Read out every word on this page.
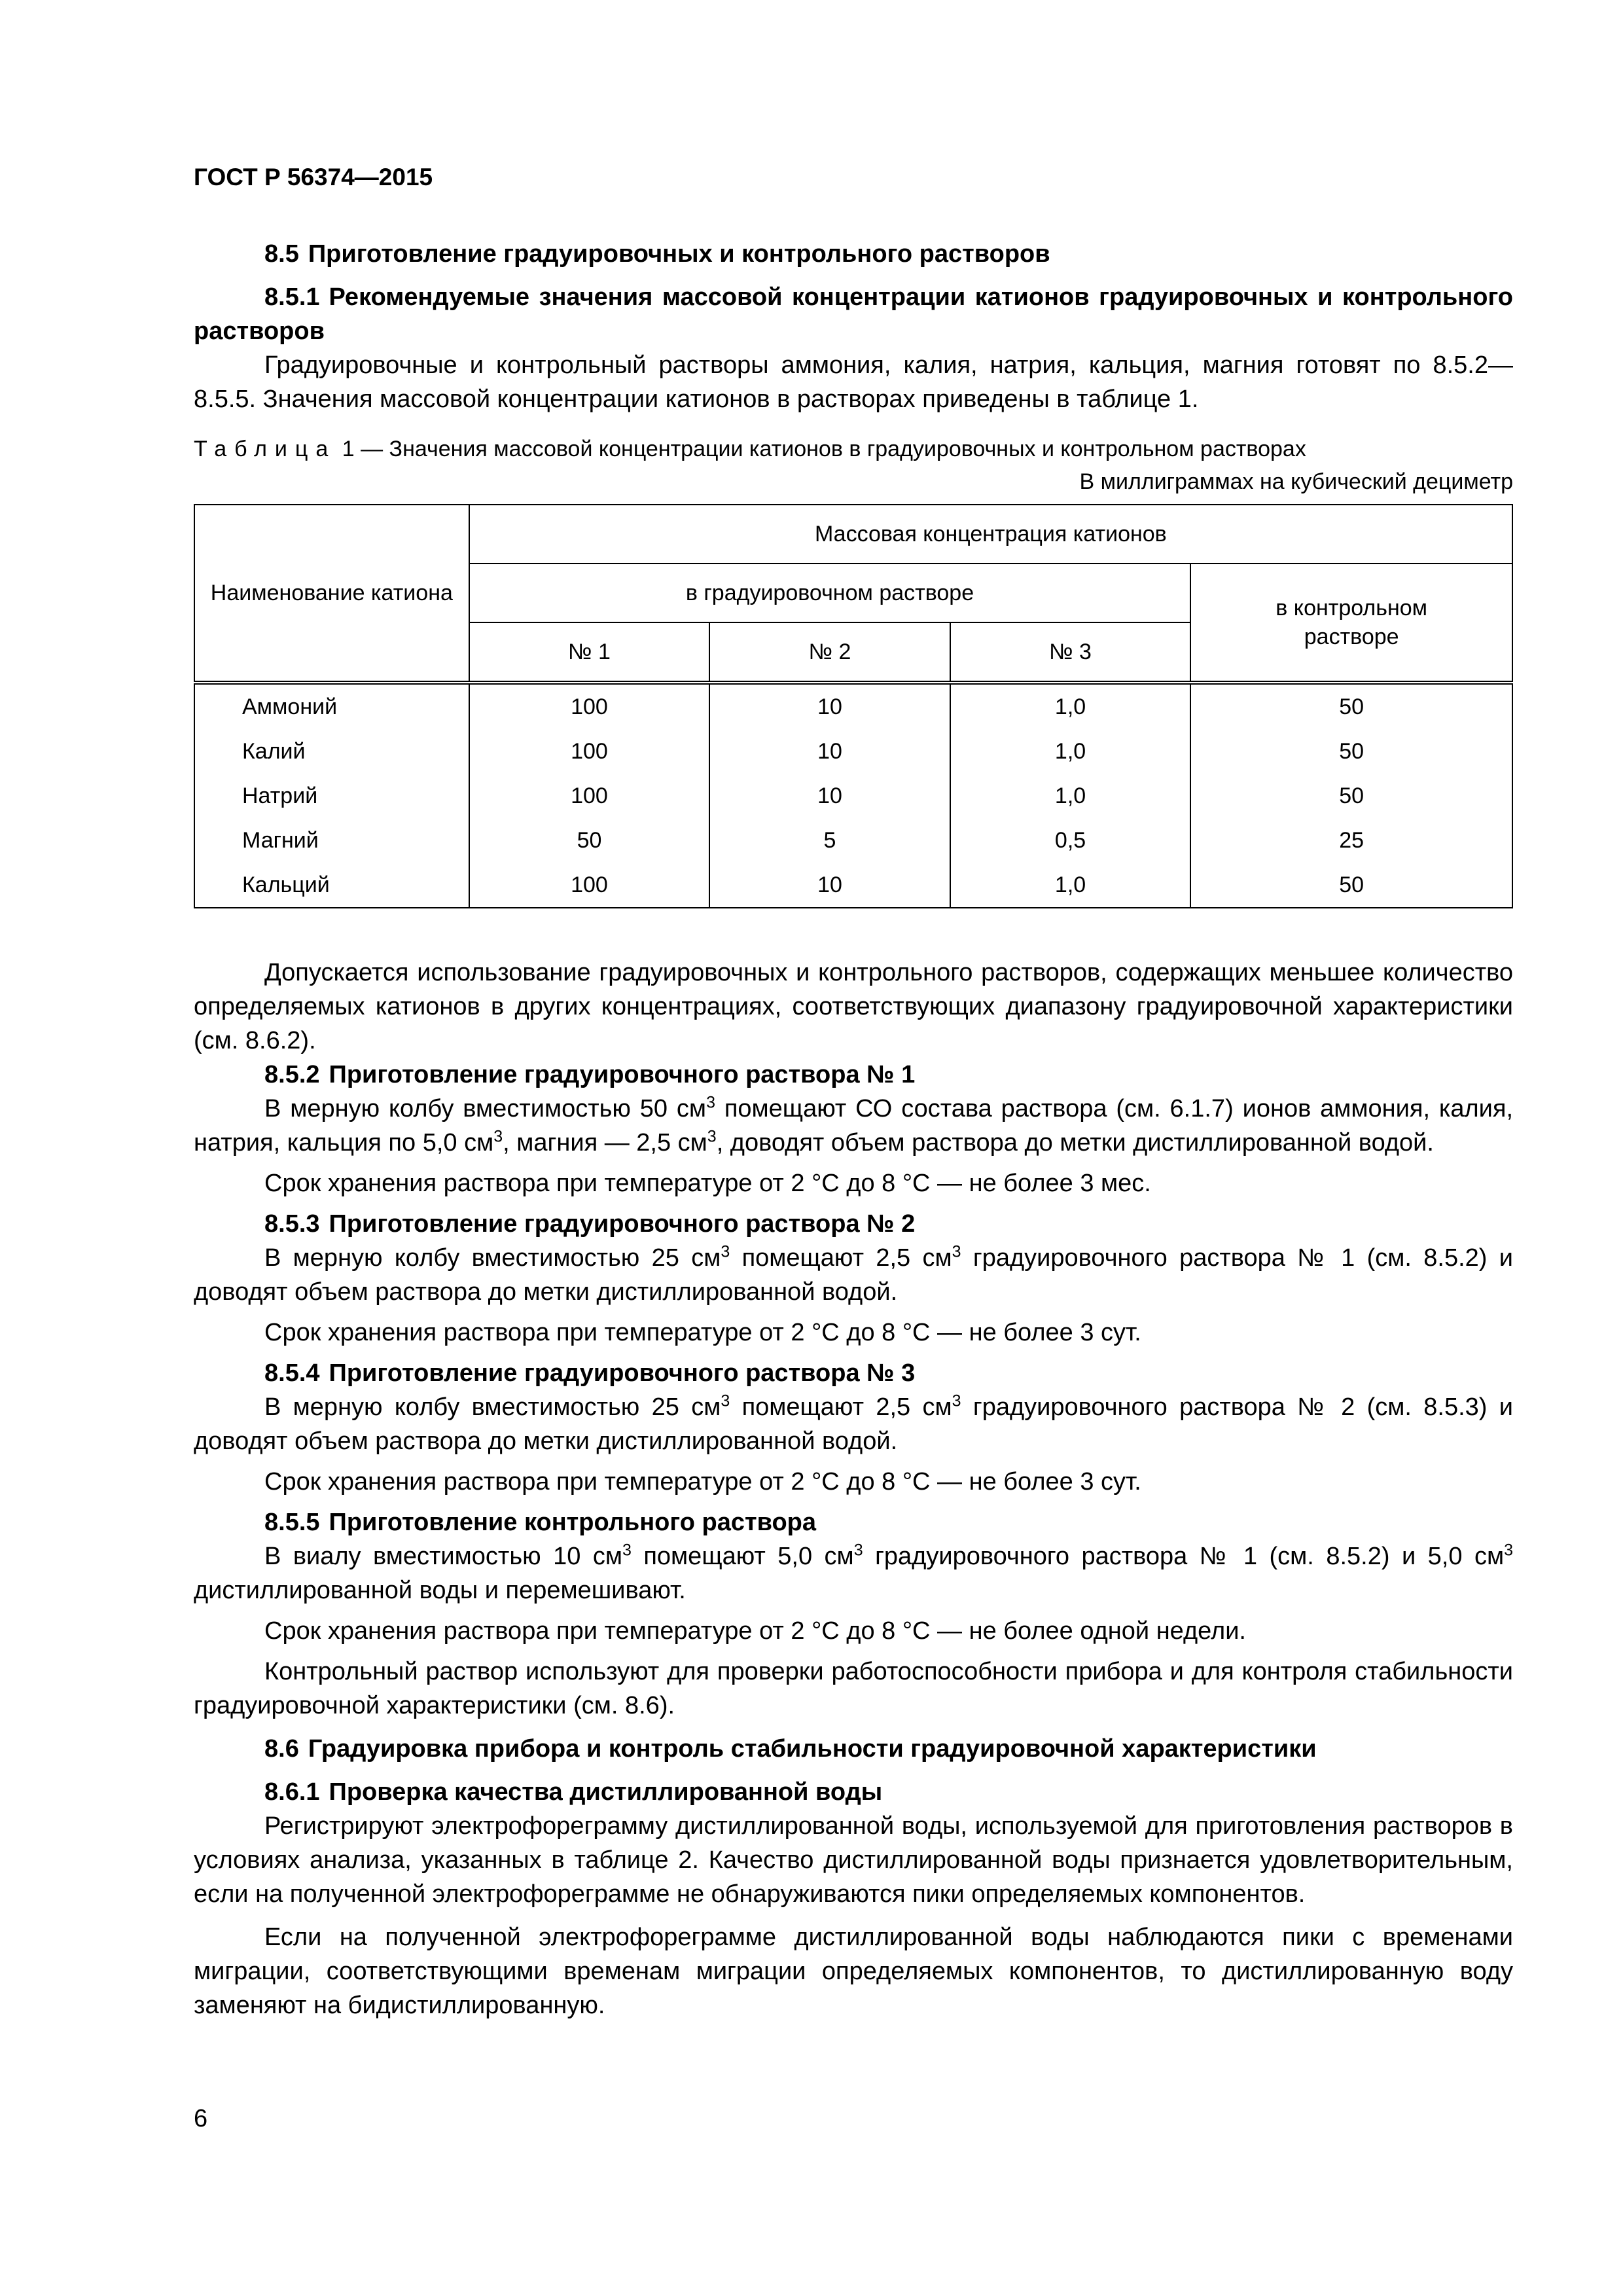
ГОСТ Р 56374—2015
8.5 Приготовление градуировочных и контрольного растворов
8.5.1 Рекомендуемые значения массовой концентрации катионов градуировочных и контрольного растворов

Градуировочные и контрольный растворы аммония, калия, натрия, кальция, магния готовят по 8.5.2—8.5.5. Значения массовой концентрации катионов в растворах приведены в таблице 1.

Таблица 1 — Значения массовой концентрации катионов в градуировочных и контрольном растворах
В миллиграммах на кубический дециметр
Наименование катиона	Массовая концентрация катионов			
	в градуировочном растворе			в контрольном растворе
	№ 1	№ 2	№ 3	
Аммоний	100	10	1,0	50
Калий	100	10	1,0	50
Натрий	100	10	1,0	50
Магний	50	5	0,5	25
Кальций	100	10	1,0	50

Допускается использование градуировочных и контрольного растворов, содержащих меньшее количество определяемых катионов в других концентрациях, соответствующих диапазону градуировочной характеристики (см. 8.6.2).

8.5.2 Приготовление градуировочного раствора № 1

В мерную колбу вместимостью 50 $см^3$ помещают СО состава раствора (см. 6.1.7) ионов аммония, калия, натрия, кальция по 5,0 $см^3$, магния — 2,5 $см^3$, доводят объем раствора до метки дистиллированной водой.

Срок хранения раствора при температуре от 2 °С до 8 °С — не более 3 мес.

8.5.3 Приготовление градуировочного раствора № 2

В мерную колбу вместимостью 25 $см^3$ помещают 2,5 $см^3$ градуировочного раствора № 1 (см. 8.5.2) и доводят объем раствора до метки дистиллированной водой.

Срок хранения раствора при температуре от 2 °С до 8 °С — не более 3 сут.

8.5.4 Приготовление градуировочного раствора № 3

В мерную колбу вместимостью 25 $см^3$ помещают 2,5 $см^3$ градуировочного раствора № 2 (см. 8.5.3) и доводят объем раствора до метки дистиллированной водой.

Срок хранения раствора при температуре от 2 °С до 8 °С — не более 3 сут.

8.5.5 Приготовление контрольного раствора

В виалу вместимостью 10 $см^3$ помещают 5,0 $см^3$ градуировочного раствора № 1 (см. 8.5.2) и 5,0 $см^3$ дистиллированной воды и перемешивают.

Срок хранения раствора при температуре от 2 °С до 8 °С — не более одной недели.

Контрольный раствор используют для проверки работоспособности прибора и для контроля стабильности градуировочной характеристики (см. 8.6).

8.6 Градуировка прибора и контроль стабильности градуировочной характеристики
8.6.1 Проверка качества дистиллированной воды

Регистрируют электрофореграмму дистиллированной воды, используемой для приготовления растворов в условиях анализа, указанных в таблице 2. Качество дистиллированной воды признается удовлетворительным, если на полученной электрофореграмме не обнаруживаются пики определяемых компонентов.

Если на полученной электрофореграмме дистиллированной воды наблюдаются пики с временами миграции, соответствующими временам миграции определяемых компонентов, то дистиллированную воду заменяют на бидистиллированную.

6
